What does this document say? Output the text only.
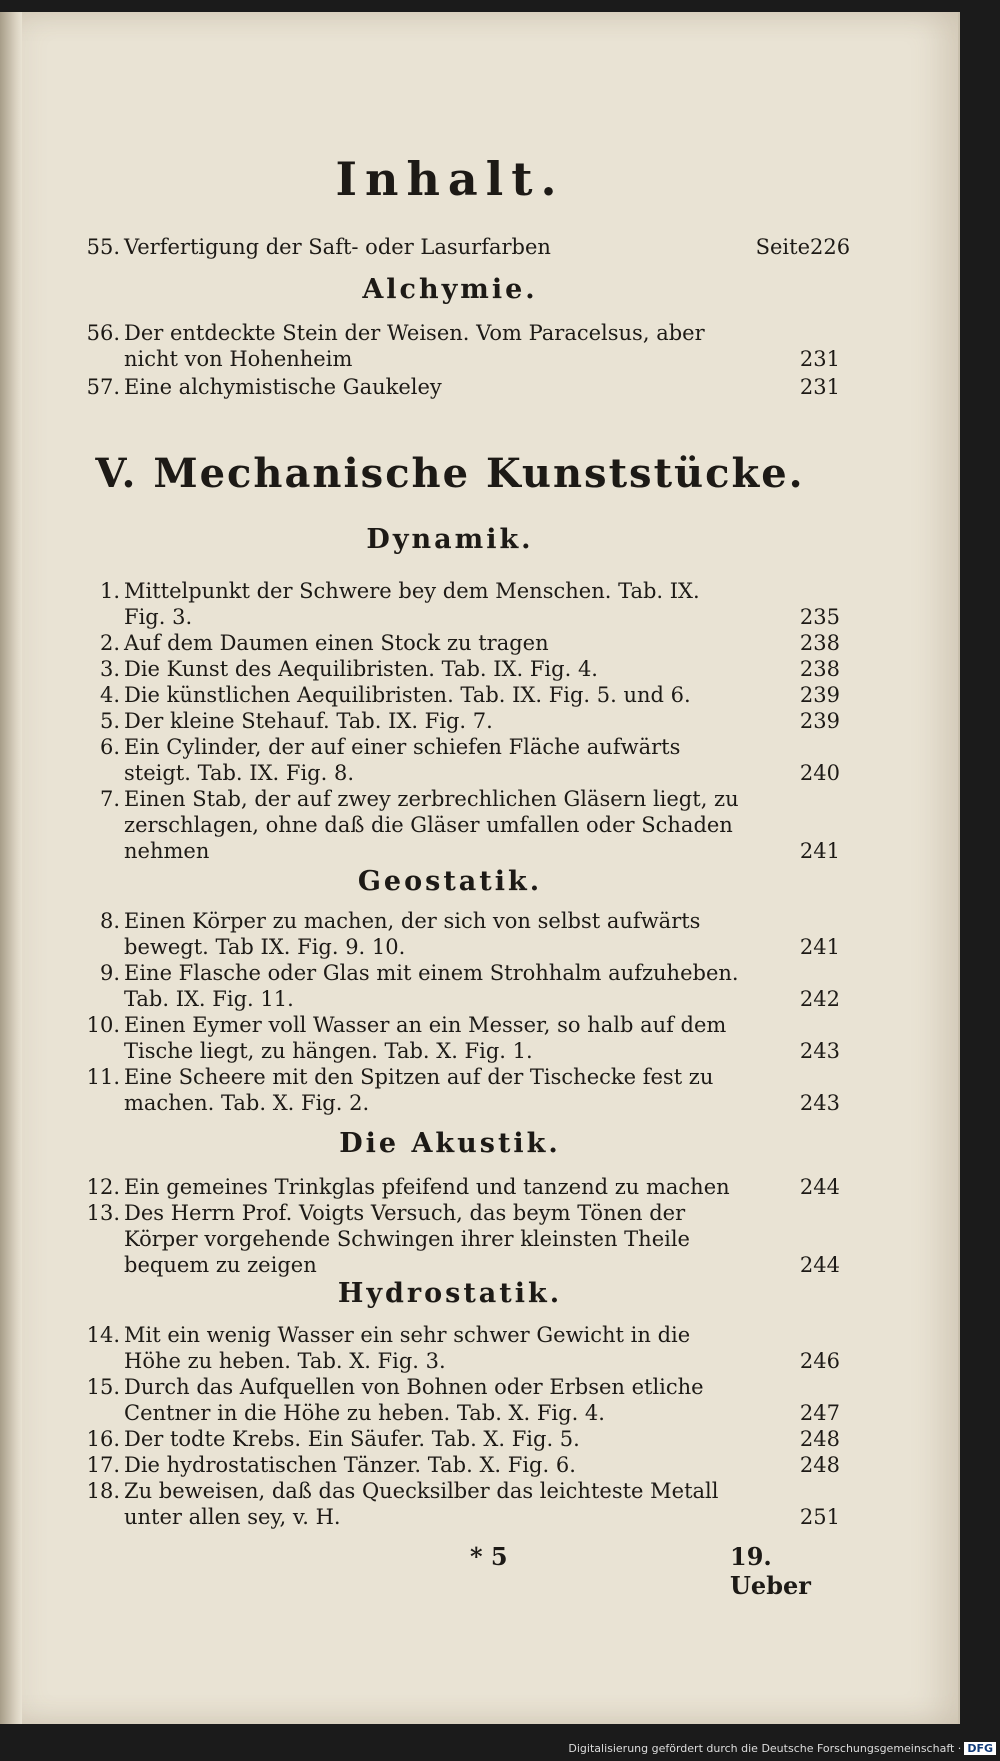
Inhalt.
55. Verfertigung der Saft- oder Lasurfarben	Seite 226
Alchymie.
56. Der entdeckte Stein der Weisen. Vom Paracelsus, aber nicht von Hohenheim	231
57. Eine alchymistische Gaukeley	231
V. Mechanische Kunststücke.
Dynamik.
1. Mittelpunkt der Schwere bey dem Menschen. Tab. IX. Fig. 3.	235
2. Auf dem Daumen einen Stock zu tragen	238
3. Die Kunst des Aequilibristen. Tab. IX. Fig. 4.	238
4. Die künstlichen Aequilibristen. Tab. IX. Fig. 5. und 6.	239
5. Der kleine Stehauf. Tab. IX. Fig. 7.	239
6. Ein Cylinder, der auf einer schiefen Fläche aufwärts steigt. Tab. IX. Fig. 8.	240
7. Einen Stab, der auf zwey zerbrechlichen Gläsern liegt, zu zerschlagen, ohne daß die Gläser umfallen oder Schaden nehmen	241
Geostatik.
8. Einen Körper zu machen, der sich von selbst aufwärts bewegt. Tab IX. Fig. 9. 10.	241
9. Eine Flasche oder Glas mit einem Strohhalm aufzuheben. Tab. IX. Fig. 11.	242
10. Einen Eymer voll Wasser an ein Messer, so halb auf dem Tische liegt, zu hängen. Tab. X. Fig. 1.	243
11. Eine Scheere mit den Spitzen auf der Tischecke fest zu machen. Tab. X. Fig. 2.	243
Die Akustik.
12. Ein gemeines Trinkglas pfeifend und tanzend zu machen	244
13. Des Herrn Prof. Voigts Versuch, das beym Tönen der Körper vorgehende Schwingen ihrer kleinsten Theile bequem zu zeigen	244
Hydrostatik.
14. Mit ein wenig Wasser ein sehr schwer Gewicht in die Höhe zu heben. Tab. X. Fig. 3.	246
15. Durch das Aufquellen von Bohnen oder Erbsen etliche Centner in die Höhe zu heben. Tab. X. Fig. 4.	247
16. Der todte Krebs. Ein Säufer. Tab. X. Fig. 5.	248
17. Die hydrostatischen Tänzer. Tab. X. Fig. 6.	248
18. Zu beweisen, daß das Quecksilber das leichteste Metall unter allen sey, v. H.	251
* 5	19. Ueber
Digitalisierung gefördert durch die Deutsche Forschungsgemeinschaft · DFG
